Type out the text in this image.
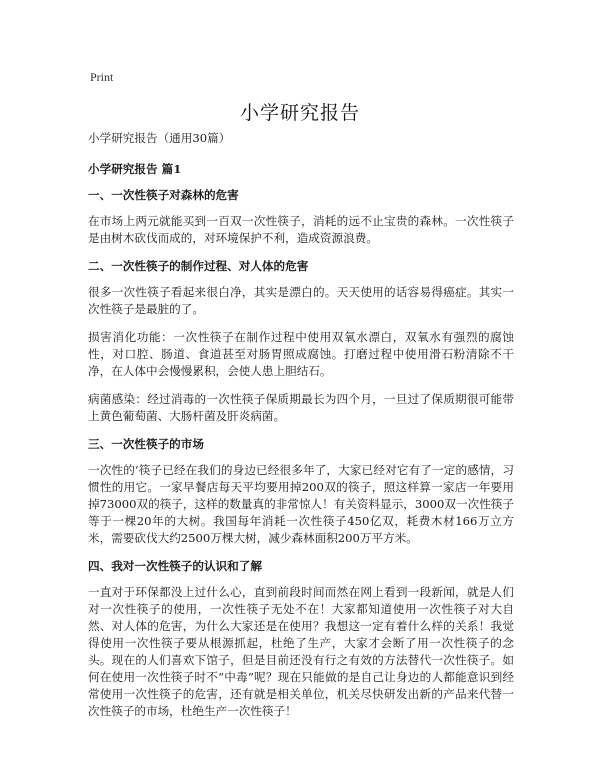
Print
小学研究报告
小学研究报告（通用30篇）
小学研究报告 篇1
一、一次性筷子对森林的危害

在市场上两元就能买到一百双一次性筷子，消耗的远不止宝贵的森林。一次性筷子是由树木砍伐而成的，对环境保护不利，造成资源浪费。

二、一次性筷子的制作过程、对人体的危害

很多一次性筷子看起来很白净，其实是漂白的。天天使用的话容易得癌症。其实一次性筷子是最脏的了。

损害消化功能：一次性筷子在制作过程中使用双氧水漂白，双氧水有强烈的腐蚀性，对口腔、肠道、食道甚至对肠胃照成腐蚀。打磨过程中使用滑石粉清除不干净，在人体中会慢慢累积，会使人患上胆结石。

病菌感染：经过消毒的一次性筷子保质期最长为四个月，一旦过了保质期很可能带上黄色葡萄菌、大肠杆菌及肝炎病菌。

三、一次性筷子的市场

一次性的‘筷子已经在我们的身边已经很多年了，大家已经对它有了一定的感情，习惯性的用它。一家早餐店每天平均要用掉200双的筷子，照这样算一家店一年要用掉73000双的筷子，这样的数量真的非常惊人！有关资料显示，3000双一次性筷子等于一棵20年的大树。我国每年消耗一次性筷子450亿双，耗费木材166万立方米，需要砍伐大约2500万棵大树，减少森林面积200万平方米。

四、我对一次性筷子的认识和了解

一直对于环保都没上过什么心，直到前段时间而然在网上看到一段新闻，就是人们对一次性筷子的使用，一次性筷子无处不在！大家都知道使用一次性筷子对大自然、对人体的危害，为什么大家还是在使用？我想这一定有着什么样的关系！我觉得使用一次性筷子要从根源抓起，杜绝了生产，大家才会断了用一次性筷子的念头。现在的人们喜欢下馆子，但是目前还没有行之有效的方法替代一次性筷子。如何在使用一次性筷子时不“中毒”呢？现在只能做的是自己让身边的人都能意识到经常使用一次性筷子的危害，还有就是相关单位，机关尽快研发出新的产品来代替一次性筷子的市场，杜绝生产一次性筷子！
